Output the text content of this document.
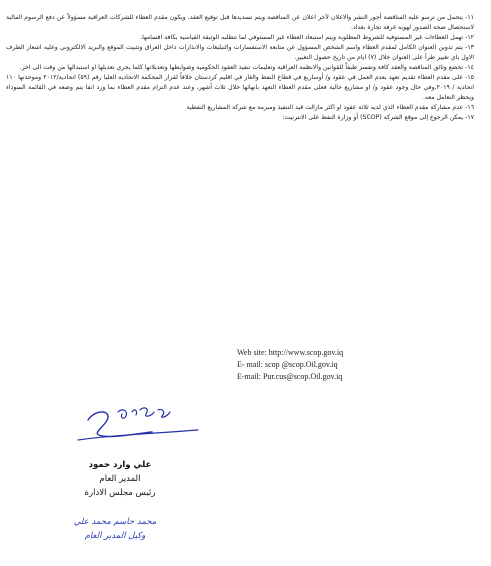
١١- يتحمل من ترسو عليه المناقصة أجور النشر والاعلان لآخر اعلان عن المناقصة ويتم تسديدها قبل توقيع العقد، ويكون مقدم العطاء للشركات العراقية مسؤولاً عن دفع الرسوم المالية لاستحصال صحة الصدور لهوية غرفة تجارة بغداد.

١٢- تهمل العطاءات غير المستوفية للشروط المطلوبة ويتم استبعاد العطاء غير المستوفي لما تتطلبه الوثيقة القياسية بكافة اقسامها.

١٣- يتم تدوين العنوان الكامل لمقدم العطاء واسم الشخص المسؤول عن متابعة الاستفسارات والتبليغات والانذارات داخل العراق وتثبيت الموقع والبريد الالكتروني وعليه اشعار الطرف الاول باي تغيير طرأ على العنوان خلال (٧) ايام من تاريخ حصول التغيير.

١٤- تخضع وثائق المناقصة والعقد كافة وتفسر طبقاً للقوانين والانظمة العراقية وتعليمات تنفيذ العقود الحكومية وضوابطها وتعديلاتها كلما يجري تعديلها او استبدالها من وقت الى اخر.

١٥- على مقدم العطاء تقديم تعهد بعدم العمل في عقود و/ أوساريع في قطاع النفط والغاز في اقليم كردستان خلافاً لقرار المحكمة الاتحادية العليا رقم (٥٩) اتحادية/٢٠١٢ وموحدتها ١١٠ اتحادية / ٢٠١٩,وفي حال وجود عقود و/ او مشاريع حالية فعلى مقدم العطاء التعهد بانهائها خلال ثلاث أشهر، وعند عدم التزام مقدم العطاء بما ورد انفا يتم وضعه في القائمة السوداء ويحظر التعامل معه.

١٦- عدم مشاركة مقدم العطاء الذي لديه ثلاثة عقود او اكثر مازالت قيد التنفيذ ومبرمة مع شركة المشاريع النفطية

١٧- يمكن الرجوع إلى موقع الشركة (SCOP) أو وزارة النفط على الانترنيت:

Web site: http://www.scop.gov.iq
E- mail: scop @scop.Oil.gov.iq
E-mail: Pur.cus@scop.Oil.gov.iq
علي وارد حمود
المدير العام
رئيس مجلس الادارة
محمد جاسم محمد علي
وكيل المدير العام
